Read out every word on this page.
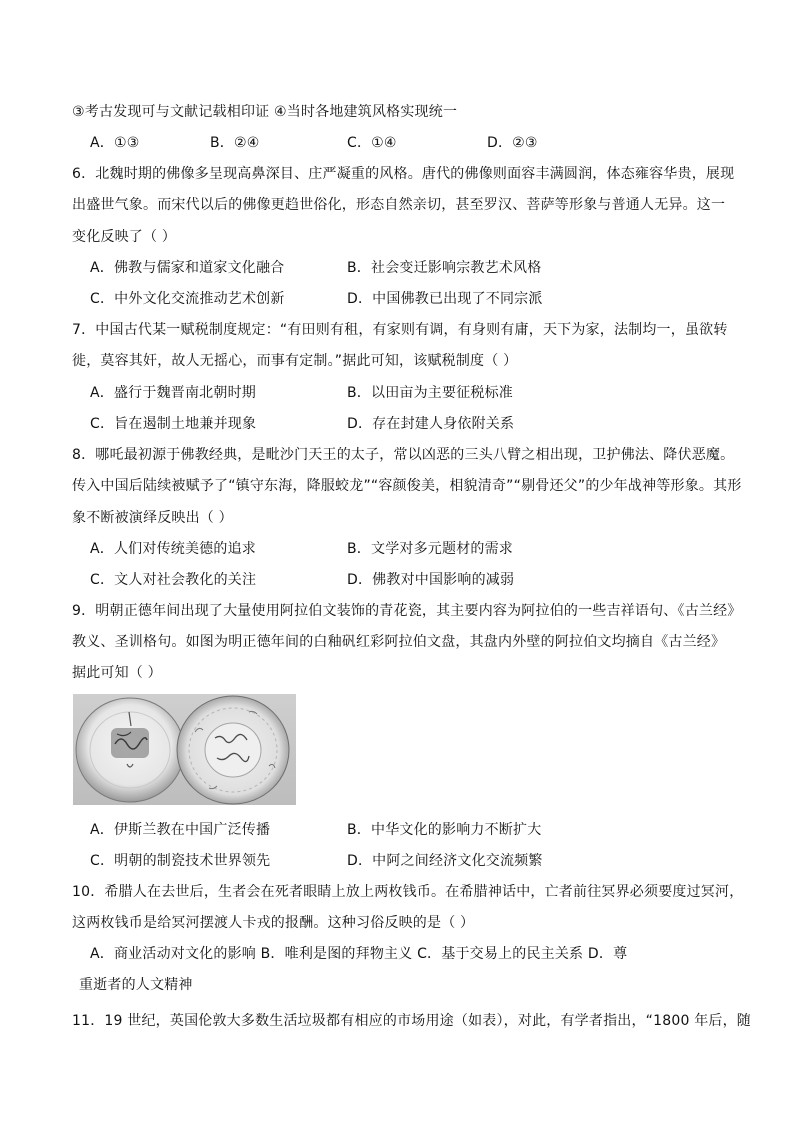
③考古发现可与文献记载相印证 ④当时各地建筑风格实现统一
A．①③	B．②④	C．①④	D．②③
6．北魏时期的佛像多呈现高鼻深目、庄严凝重的风格。唐代的佛像则面容丰满圆润，体态雍容华贵，展现
出盛世气象。而宋代以后的佛像更趋世俗化，形态自然亲切，甚至罗汉、菩萨等形象与普通人无异。这一
变化反映了（ ）
A．佛教与儒家和道家文化融合	B．社会变迁影响宗教艺术风格
C．中外文化交流推动艺术创新	D．中国佛教已出现了不同宗派
7．中国古代某一赋税制度规定：“有田则有租，有家则有调，有身则有庸，天下为家，法制均一，虽欲转
徙，莫容其奸，故人无摇心，而事有定制。”据此可知，该赋税制度（ ）
A．盛行于魏晋南北朝时期	B．以田亩为主要征税标准
C．旨在遏制土地兼并现象	D．存在封建人身依附关系
8．哪吒最初源于佛教经典，是毗沙门天王的太子，常以凶恶的三头八臂之相出现，卫护佛法、降伏恶魔。
传入中国后陆续被赋予了“镇守东海，降服蛟龙”“容颜俊美，相貌清奇”“剔骨还父”的少年战神等形象。其形
象不断被演绎反映出（ ）
A．人们对传统美德的追求	B．文学对多元题材的需求
C．文人对社会教化的关注	D．佛教对中国影响的减弱
9．明朝正德年间出现了大量使用阿拉伯文装饰的青花瓷，其主要内容为阿拉伯的一些吉祥语句、《古兰经》
教义、圣训格句。如图为明正德年间的白釉矾红彩阿拉伯文盘，其盘内外壁的阿拉伯文均摘自《古兰经》
据此可知（ ）
A．伊斯兰教在中国广泛传播	B．中华文化的影响力不断扩大
C．明朝的制瓷技术世界领先	D．中阿之间经济文化交流频繁
10．希腊人在去世后，生者会在死者眼睛上放上两枚钱币。在希腊神话中，亡者前往冥界必须要度过冥河，
这两枚钱币是给冥河摆渡人卡戎的报酬。这种习俗反映的是（ ）
A．商业活动对文化的影响 B．唯利是图的拜物主义 C．基于交易上的民主关系 D．尊
重逝者的人文精神
11．19 世纪，英国伦敦大多数生活垃圾都有相应的市场用途（如表），对此，有学者指出，“1800 年后，随
